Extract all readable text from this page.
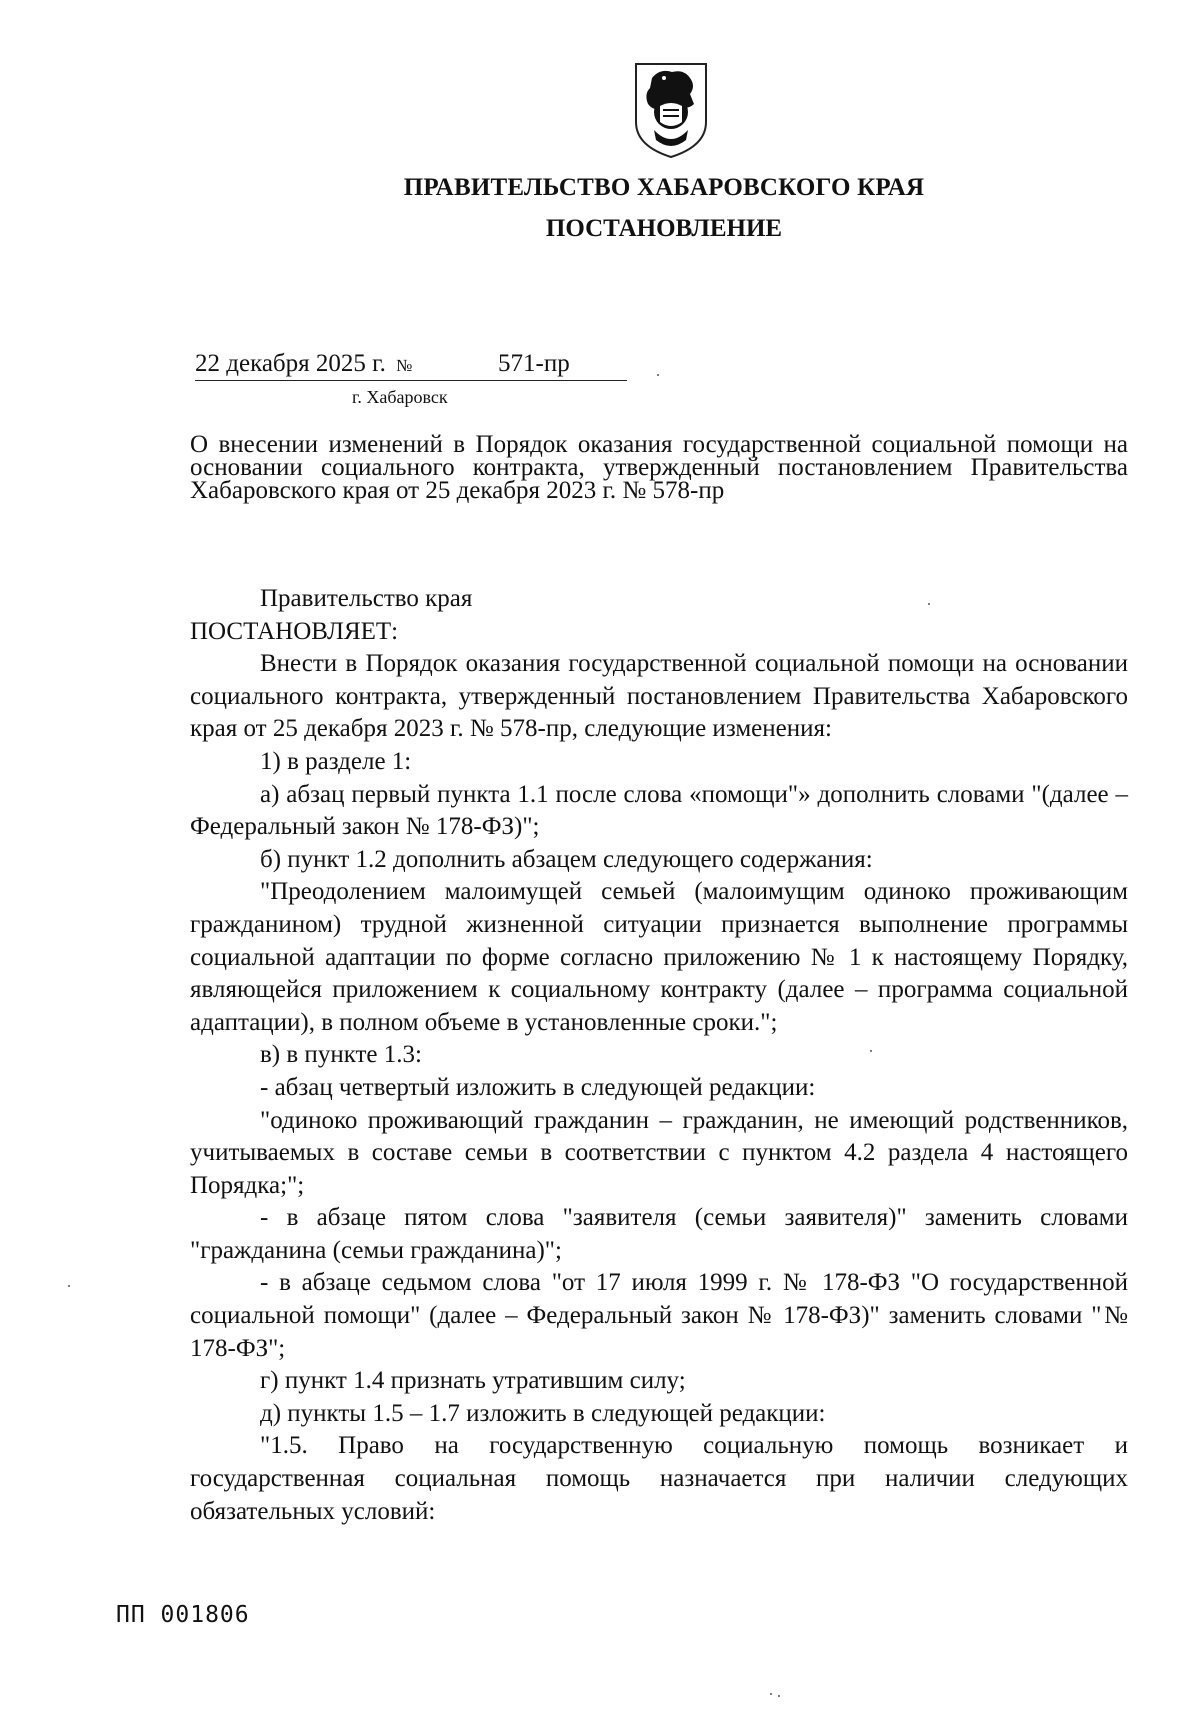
ПРАВИТЕЛЬСТВО ХАБАРОВСКОГО КРАЯ
ПОСТАНОВЛЕНИЕ
22 декабря 2025 г. №	571-пр
г. Хабаровск
О внесении изменений в Порядок оказания государственной социальной помощи на основании социального контракта, утвержденный постановлением Правительства Хабаровского края от 25 декабря 2023 г. № 578-пр

Правительство края

ПОСТАНОВЛЯЕТ:

Внести в Порядок оказания государственной социальной помощи на основании социального контракта, утвержденный постановлением Правительства Хабаровского края от 25 декабря 2023 г. № 578-пр, следующие изменения:

1) в разделе 1:

а) абзац первый пункта 1.1 после слова «помощи"» дополнить словами "(далее – Федеральный закон № 178-ФЗ)";

б) пункт 1.2 дополнить абзацем следующего содержания:

"Преодолением малоимущей семьей (малоимущим одиноко проживающим гражданином) трудной жизненной ситуации признается выполнение программы социальной адаптации по форме согласно приложению № 1 к настоящему Порядку, являющейся приложением к социальному контракту (далее – программа социальной адаптации), в полном объеме в установленные сроки.";

в) в пункте 1.3:

- абзац четвертый изложить в следующей редакции:

"одиноко проживающий гражданин – гражданин, не имеющий родственников, учитываемых в составе семьи в соответствии с пунктом 4.2 раздела 4 настоящего Порядка;";

- в абзаце пятом слова "заявителя (семьи заявителя)" заменить словами "гражданина (семьи гражданина)";

- в абзаце седьмом слова "от 17 июля 1999 г. № 178-ФЗ "О государственной социальной помощи" (далее – Федеральный закон № 178-ФЗ)" заменить словами "№ 178-ФЗ";

г) пункт 1.4 признать утратившим силу;

д) пункты 1.5 – 1.7 изложить в следующей редакции:

"1.5. Право на государственную социальную помощь возникает и государственная социальная помощь назначается при наличии следующих обязательных условий:

ПП 001806
